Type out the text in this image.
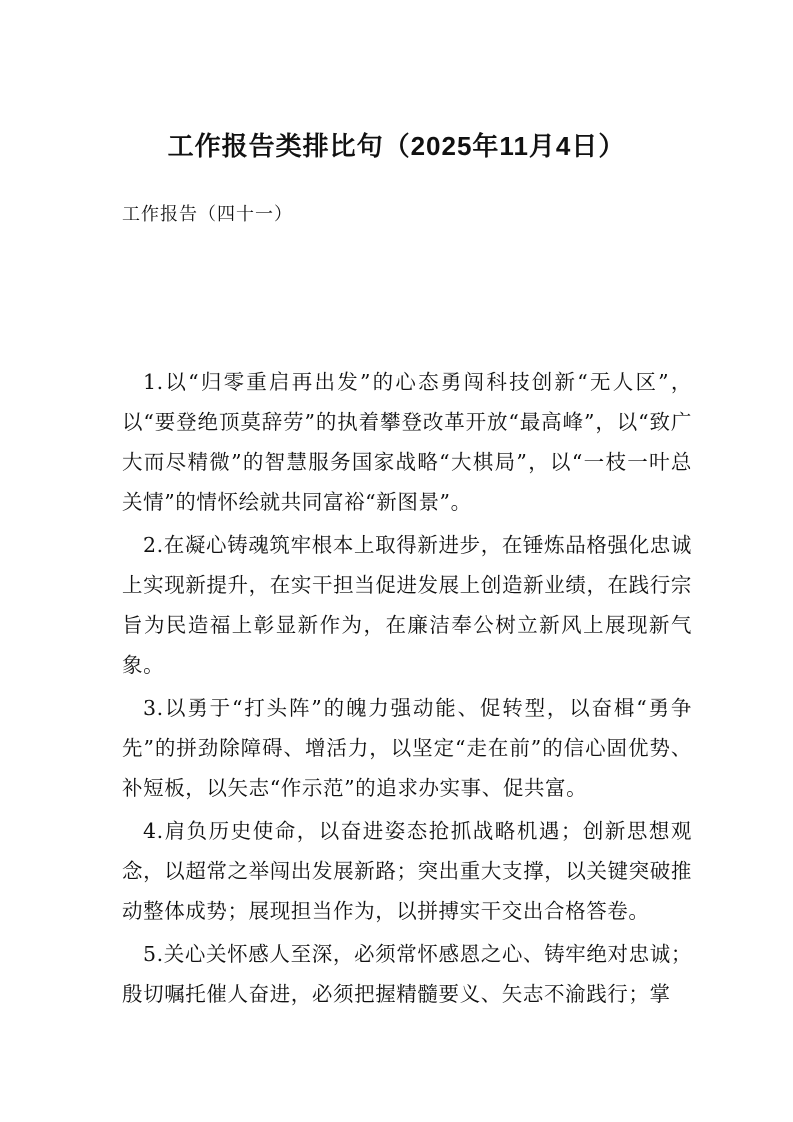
工作报告类排比句（2025年11月4日）
工作报告（四十一）

1.以“归零重启再出发”的心态勇闯科技创新“无人区”，以“要登绝顶莫辞劳”的执着攀登改革开放“最高峰”，以“致广大而尽精微”的智慧服务国家战略“大棋局”，以“一枝一叶总关情”的情怀绘就共同富裕“新图景”。

2.在凝心铸魂筑牢根本上取得新进步，在锤炼品格强化忠诚上实现新提升，在实干担当促进发展上创造新业绩，在践行宗旨为民造福上彰显新作为，在廉洁奉公树立新风上展现新气象。

3.以勇于“打头阵”的魄力强动能、促转型，以奋楫“勇争先”的拼劲除障碍、增活力，以坚定“走在前”的信心固优势、补短板，以矢志“作示范”的追求办实事、促共富。

4.肩负历史使命，以奋进姿态抢抓战略机遇；创新思想观念，以超常之举闯出发展新路；突出重大支撑，以关键突破推动整体成势；展现担当作为，以拼搏实干交出合格答卷。

5.关心关怀感人至深，必须常怀感恩之心、铸牢绝对忠诚；殷切嘱托催人奋进，必须把握精髓要义、矢志不渝践行；掌
